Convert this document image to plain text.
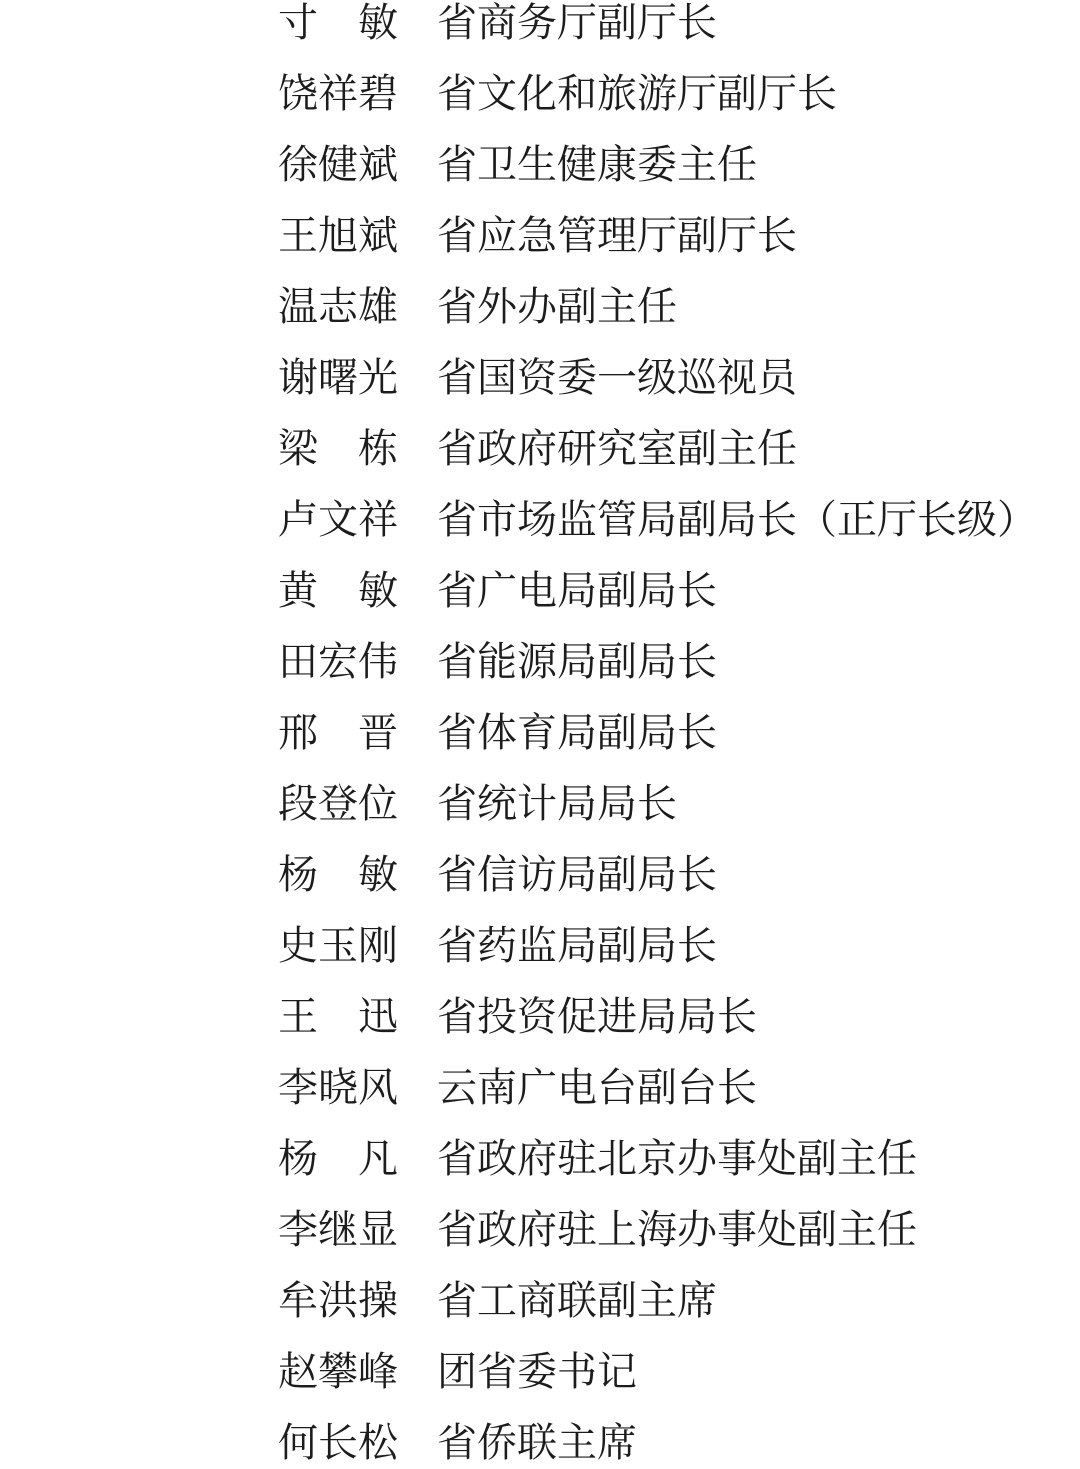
寸　敏 省商务厅副厅长
饶祥碧 省文化和旅游厅副厅长
徐健斌 省卫生健康委主任
王旭斌 省应急管理厅副厅长
温志雄 省外办副主任
谢曙光 省国资委一级巡视员
梁　栋 省政府研究室副主任
卢文祥 省市场监管局副局长（正厅长级）
黄　敏 省广电局副局长
田宏伟 省能源局副局长
邢　晋 省体育局副局长
段登位 省统计局局长
杨　敏 省信访局副局长
史玉刚 省药监局副局长
王　迅 省投资促进局局长
李晓风 云南广电台副台长
杨　凡 省政府驻北京办事处副主任
李继显 省政府驻上海办事处副主任
牟洪操 省工商联副主席
赵攀峰 团省委书记
何长松 省侨联主席
